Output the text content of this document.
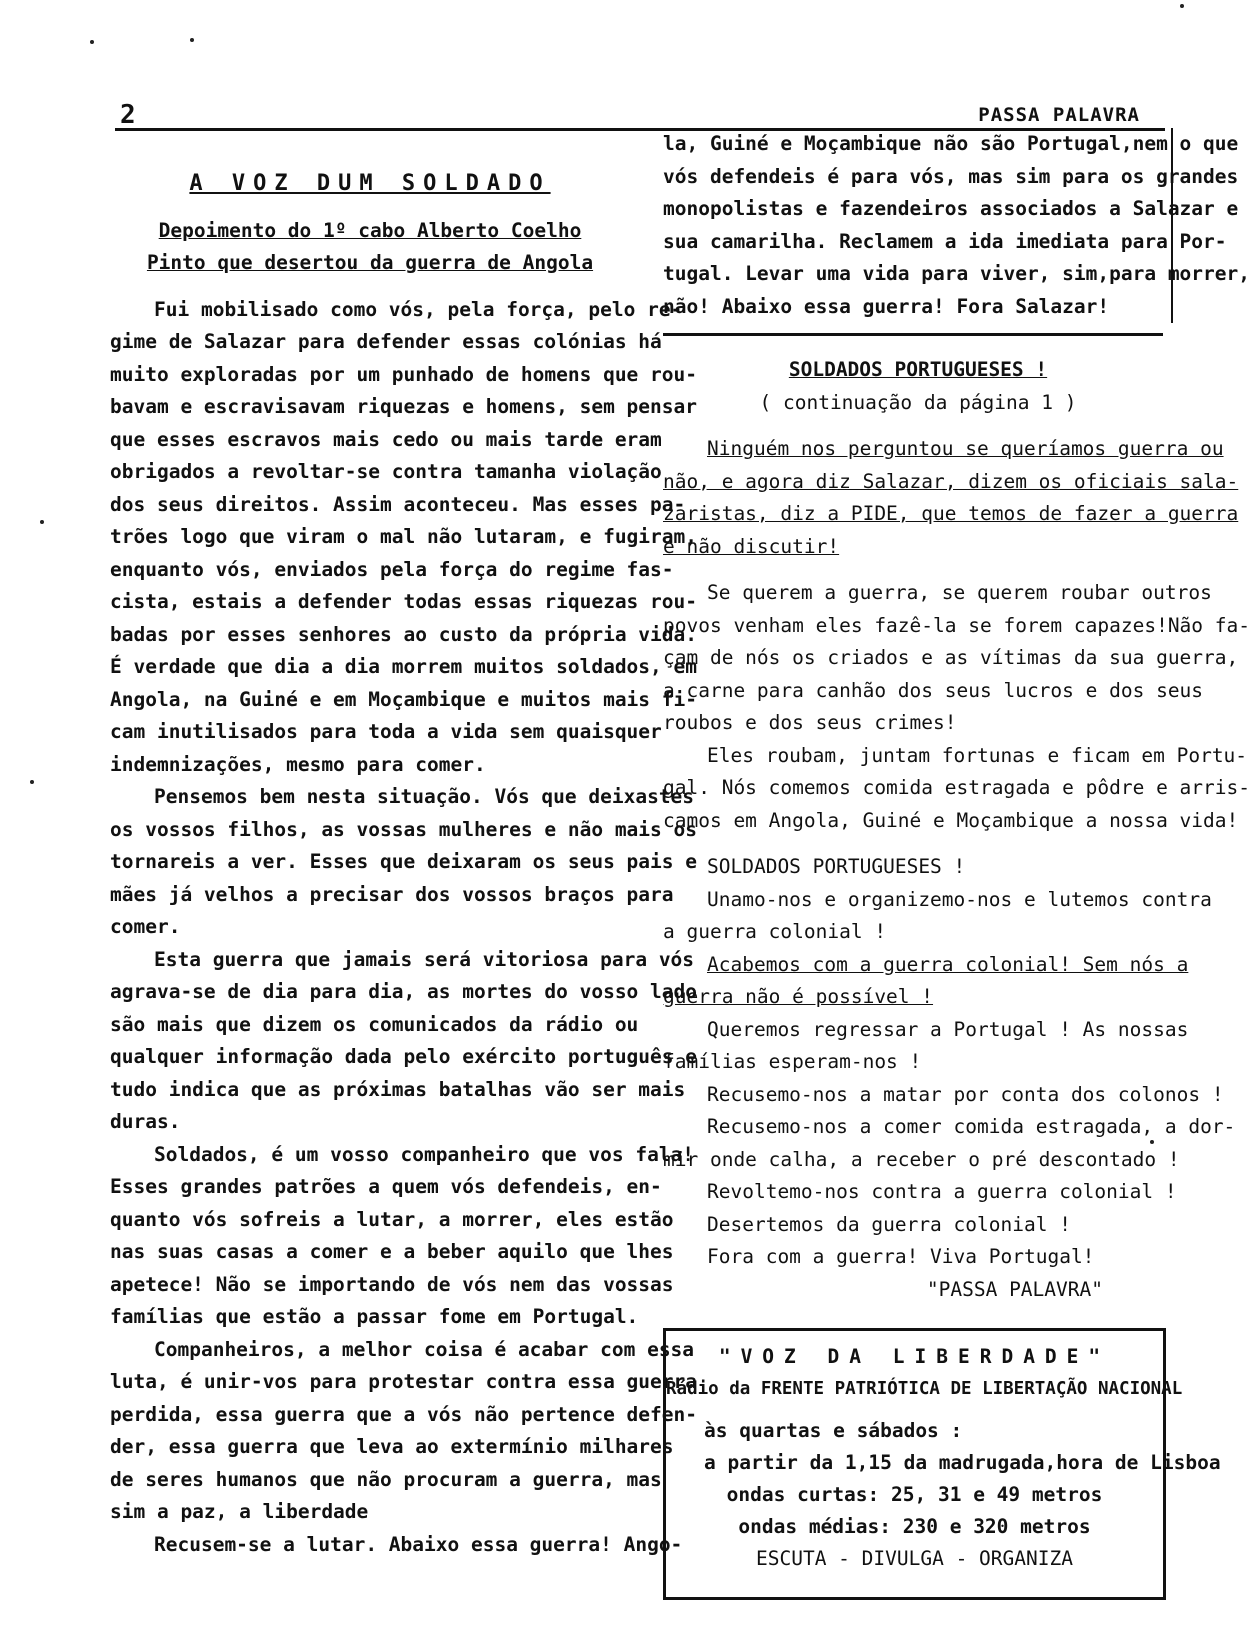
2	PASSA PALAVRA
A VOZ DUM SOLDADO
Depoimento do 1º cabo Alberto Coelho
Pinto que desertou da guerra de Angola
Fui mobilisado como vós, pela força, pelo re-
gime de Salazar para defender essas colónias há
muito exploradas por um punhado de homens que rou-
bavam e escravisavam riquezas e homens, sem pensar
que esses escravos mais cedo ou mais tarde eram
obrigados a revoltar-se contra tamanha violação
dos seus direitos. Assim aconteceu. Mas esses pa-
trões logo que viram o mal não lutaram, e fugiram,
enquanto vós, enviados pela força do regime fas-
cista, estais a defender todas essas riquezas rou-
badas por esses senhores ao custo da própria vida.
É verdade que dia a dia morrem muitos soldados, em
Angola, na Guiné e em Moçambique e muitos mais fi-
cam inutilisados para toda a vida sem quaisquer
indemnizações, mesmo para comer.
Pensemos bem nesta situação. Vós que deixastes
os vossos filhos, as vossas mulheres e não mais os
tornareis a ver. Esses que deixaram os seus pais e
mães já velhos a precisar dos vossos braços para
comer.
Esta guerra que jamais será vitoriosa para vós
agrava-se de dia para dia, as mortes do vosso lado
são mais que dizem os comunicados da rádio ou
qualquer informação dada pelo exército português e
tudo indica que as próximas batalhas vão ser mais
duras.
Soldados, é um vosso companheiro que vos fala!
Esses grandes patrões a quem vós defendeis, en-
quanto vós sofreis a lutar, a morrer, eles estão
nas suas casas a comer e a beber aquilo que lhes
apetece! Não se importando de vós nem das vossas
famílias que estão a passar fome em Portugal.
Companheiros, a melhor coisa é acabar com essa
luta, é unir-vos para protestar contra essa guerra
perdida, essa guerra que a vós não pertence defen-
der, essa guerra que leva ao extermínio milhares
de seres humanos que não procuram a guerra, mas
sim a paz, a liberdade
Recusem-se a lutar. Abaixo essa guerra! Ango-
la, Guiné e Moçambique não são Portugal,nem o que
vós defendeis é para vós, mas sim para os grandes
monopolistas e fazendeiros associados a Salazar e
sua camarilha. Reclamem a ida imediata para Por-
tugal. Levar uma vida para viver, sim,para morrer,
não! Abaixo essa guerra! Fora Salazar!
SOLDADOS PORTUGUESES !
( continuação da página 1 )
Ninguém nos perguntou se queríamos guerra ou
não, e agora diz Salazar, dizem os oficiais sala-
zaristas, diz a PIDE, que temos de fazer a guerra
e não discutir!
Se querem a guerra, se querem roubar outros
povos venham eles fazê-la se forem capazes!Não fa-
çam de nós os criados e as vítimas da sua guerra,
a carne para canhão dos seus lucros e dos seus
roubos e dos seus crimes!
Eles roubam, juntam fortunas e ficam em Portu-
gal. Nós comemos comida estragada e pôdre e arris-
camos em Angola, Guiné e Moçambique a nossa vida!
SOLDADOS PORTUGUESES !
Unamo-nos e organizemo-nos e lutemos contra
a guerra colonial !
Acabemos com a guerra colonial! Sem nós a
guerra não é possível !
Queremos regressar a Portugal ! As nossas
famílias esperam-nos !
Recusemo-nos a matar por conta dos colonos !
Recusemo-nos a comer comida estragada, a dor-
mir onde calha, a receber o pré descontado !
Revoltemo-nos contra a guerra colonial !
Desertemos da guerra colonial !
Fora com a guerra! Viva Portugal!
"PASSA PALAVRA"
"VOZ DA LIBERDADE"
Rádio da FRENTE PATRIÓTICA DE LIBERTAÇÃO NACIONAL
às quartas e sábados :
a partir da 1,15 da madrugada,hora de Lisboa
ondas curtas: 25, 31 e 49 metros
ondas médias: 230 e 320 metros
ESCUTA - DIVULGA - ORGANIZA
